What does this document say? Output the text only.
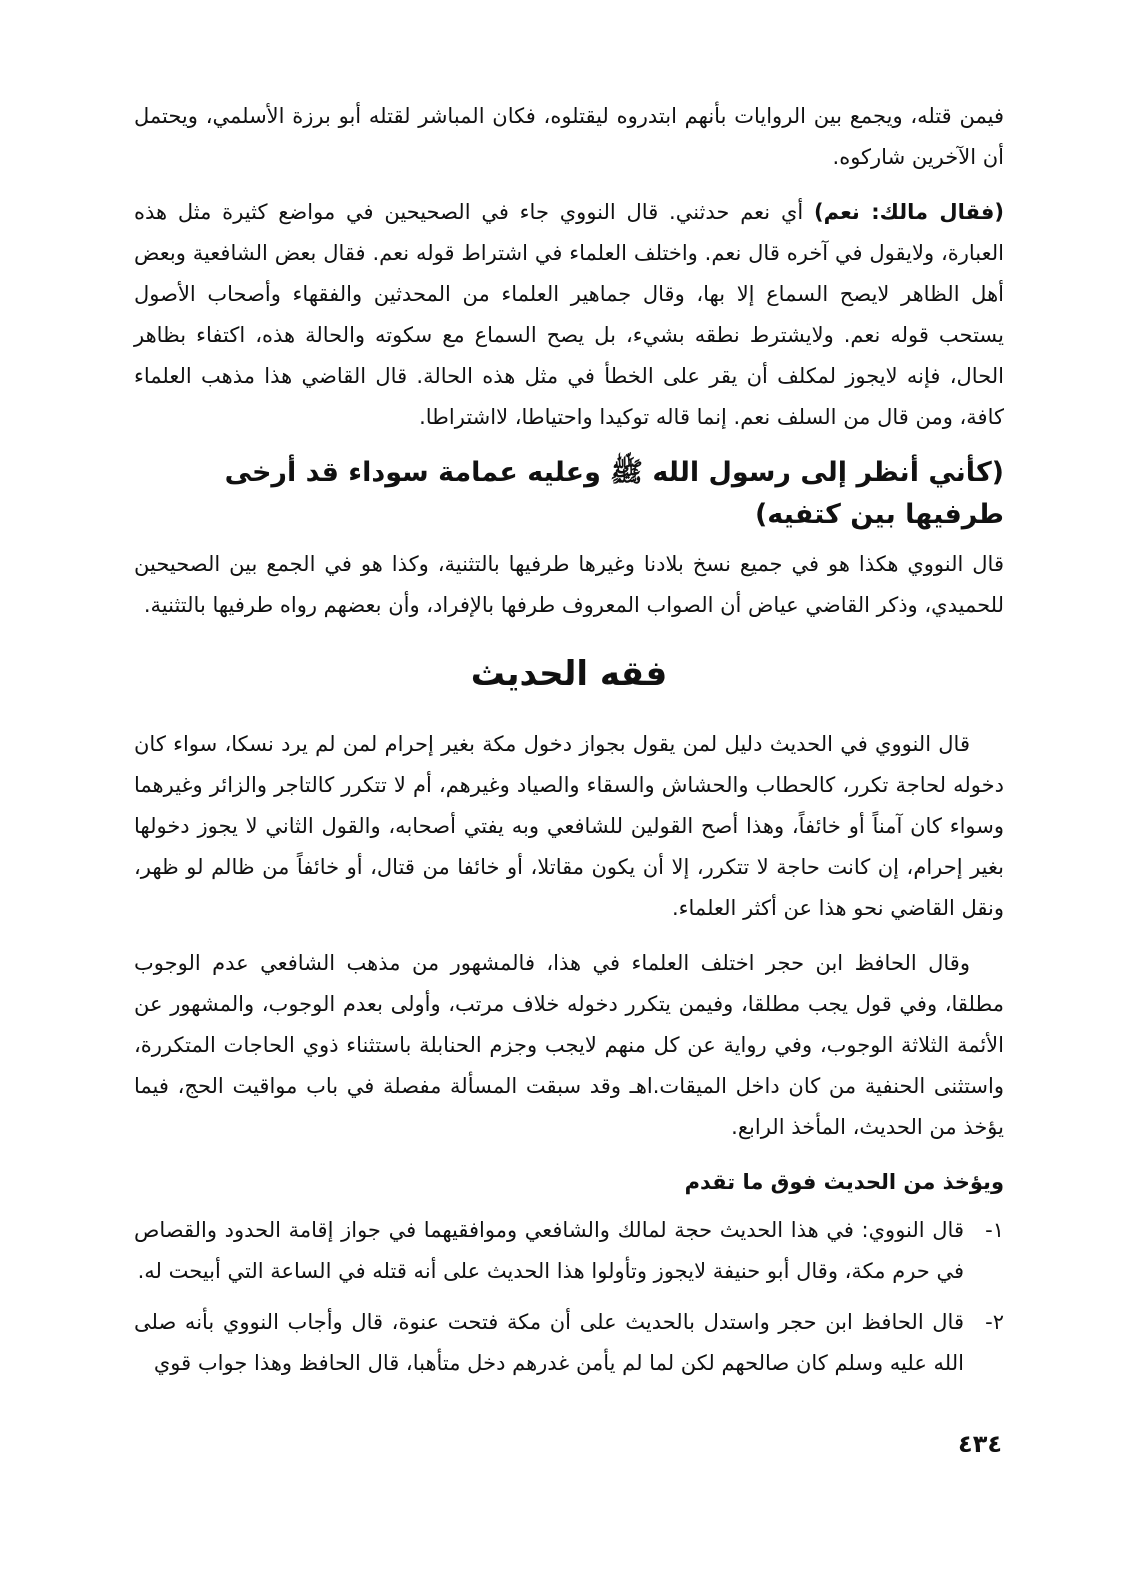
فيمن قتله، ويجمع بين الروايات بأنهم ابتدروه ليقتلوه، فكان المباشر لقتله أبو برزة الأسلمي، ويحتمل أن الآخرين شاركوه.

(فقال مالك: نعم) أي نعم حدثني. قال النووي جاء في الصحيحين في مواضع كثيرة مثل هذه العبارة، ولايقول في آخره قال نعم. واختلف العلماء في اشتراط قوله نعم. فقال بعض الشافعية وبعض أهل الظاهر لايصح السماع إلا بها، وقال جماهير العلماء من المحدثين والفقهاء وأصحاب الأصول يستحب قوله نعم. ولايشترط نطقه بشيء، بل يصح السماع مع سكوته والحالة هذه، اكتفاء بظاهر الحال، فإنه لايجوز لمكلف أن يقر على الخطأ في مثل هذه الحالة. قال القاضي هذا مذهب العلماء كافة، ومن قال من السلف نعم. إنما قاله توكيدا واحتياطا، لااشتراطا.

(كأني أنظر إلى رسول الله ﷺ وعليه عمامة سوداء قد أرخى طرفيها بين كتفيه)

قال النووي هكذا هو في جميع نسخ بلادنا وغيرها طرفيها بالتثنية، وكذا هو في الجمع بين الصحيحين للحميدي، وذكر القاضي عياض أن الصواب المعروف طرفها بالإفراد، وأن بعضهم رواه طرفيها بالتثنية.

فقه الحديث

قال النووي في الحديث دليل لمن يقول بجواز دخول مكة بغير إحرام لمن لم يرد نسكا، سواء كان دخوله لحاجة تكرر، كالحطاب والحشاش والسقاء والصياد وغيرهم، أم لا تتكرر كالتاجر والزائر وغيرهما وسواء كان آمناً أو خائفاً، وهذا أصح القولين للشافعي وبه يفتي أصحابه، والقول الثاني لا يجوز دخولها بغير إحرام، إن كانت حاجة لا تتكرر، إلا أن يكون مقاتلا، أو خائفا من قتال، أو خائفاً من ظالم لو ظهر، ونقل القاضي نحو هذا عن أكثر العلماء.

وقال الحافظ ابن حجر اختلف العلماء في هذا، فالمشهور من مذهب الشافعي عدم الوجوب مطلقا، وفي قول يجب مطلقا، وفيمن يتكرر دخوله خلاف مرتب، وأولى بعدم الوجوب، والمشهور عن الأئمة الثلاثة الوجوب، وفي رواية عن كل منهم لايجب وجزم الحنابلة باستثناء ذوي الحاجات المتكررة، واستثنى الحنفية من كان داخل الميقات.اهـ وقد سبقت المسألة مفصلة في باب مواقيت الحج، فيما يؤخذ من الحديث، المأخذ الرابع.

ويؤخذ من الحديث فوق ما تقدم
١-
قال النووي: في هذا الحديث حجة لمالك والشافعي وموافقيهما في جواز إقامة الحدود والقصاص في حرم مكة، وقال أبو حنيفة لايجوز وتأولوا هذا الحديث على أنه قتله في الساعة التي أبيحت له.
٢-
قال الحافظ ابن حجر واستدل بالحديث على أن مكة فتحت عنوة، قال وأجاب النووي بأنه صلى الله عليه وسلم كان صالحهم لكن لما لم يأمن غدرهم دخل متأهبا، قال الحافظ وهذا جواب قوي
٤٣٤
